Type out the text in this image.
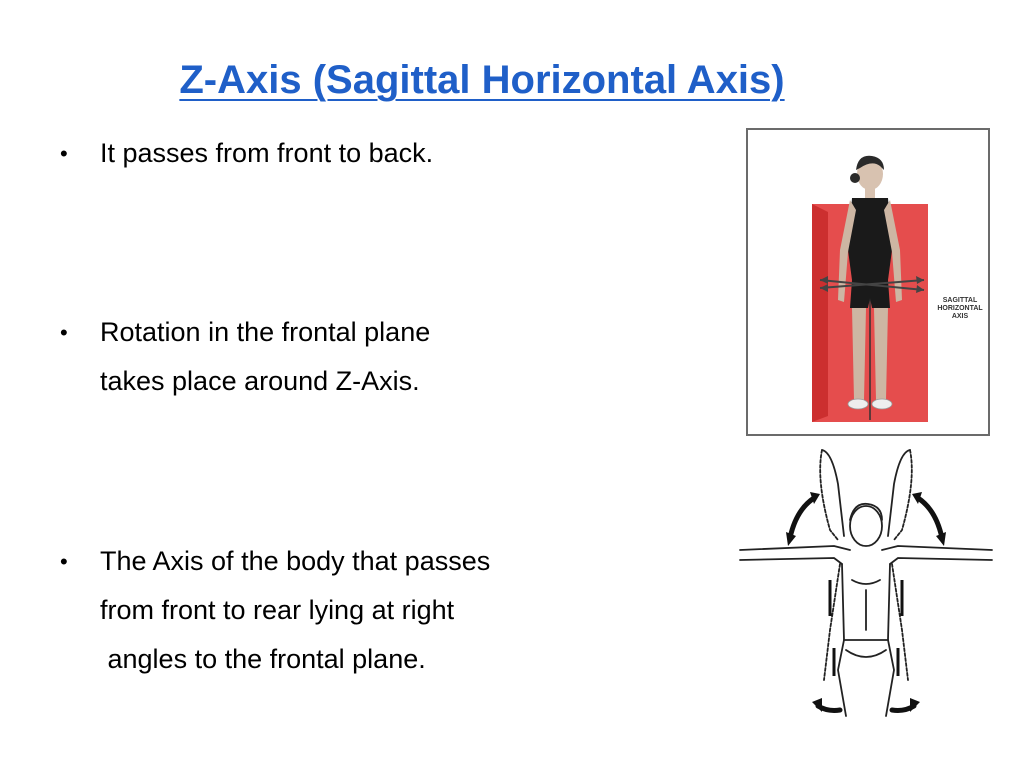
Z-Axis (Sagittal Horizontal Axis)
•	It passes from front to back.
•	Rotation in the frontal plane
takes place around Z-Axis.
•	The Axis of the body that passes
from front to rear lying at right
angles to the frontal plane.
SAGITTAL
HORIZONTAL
AXIS
